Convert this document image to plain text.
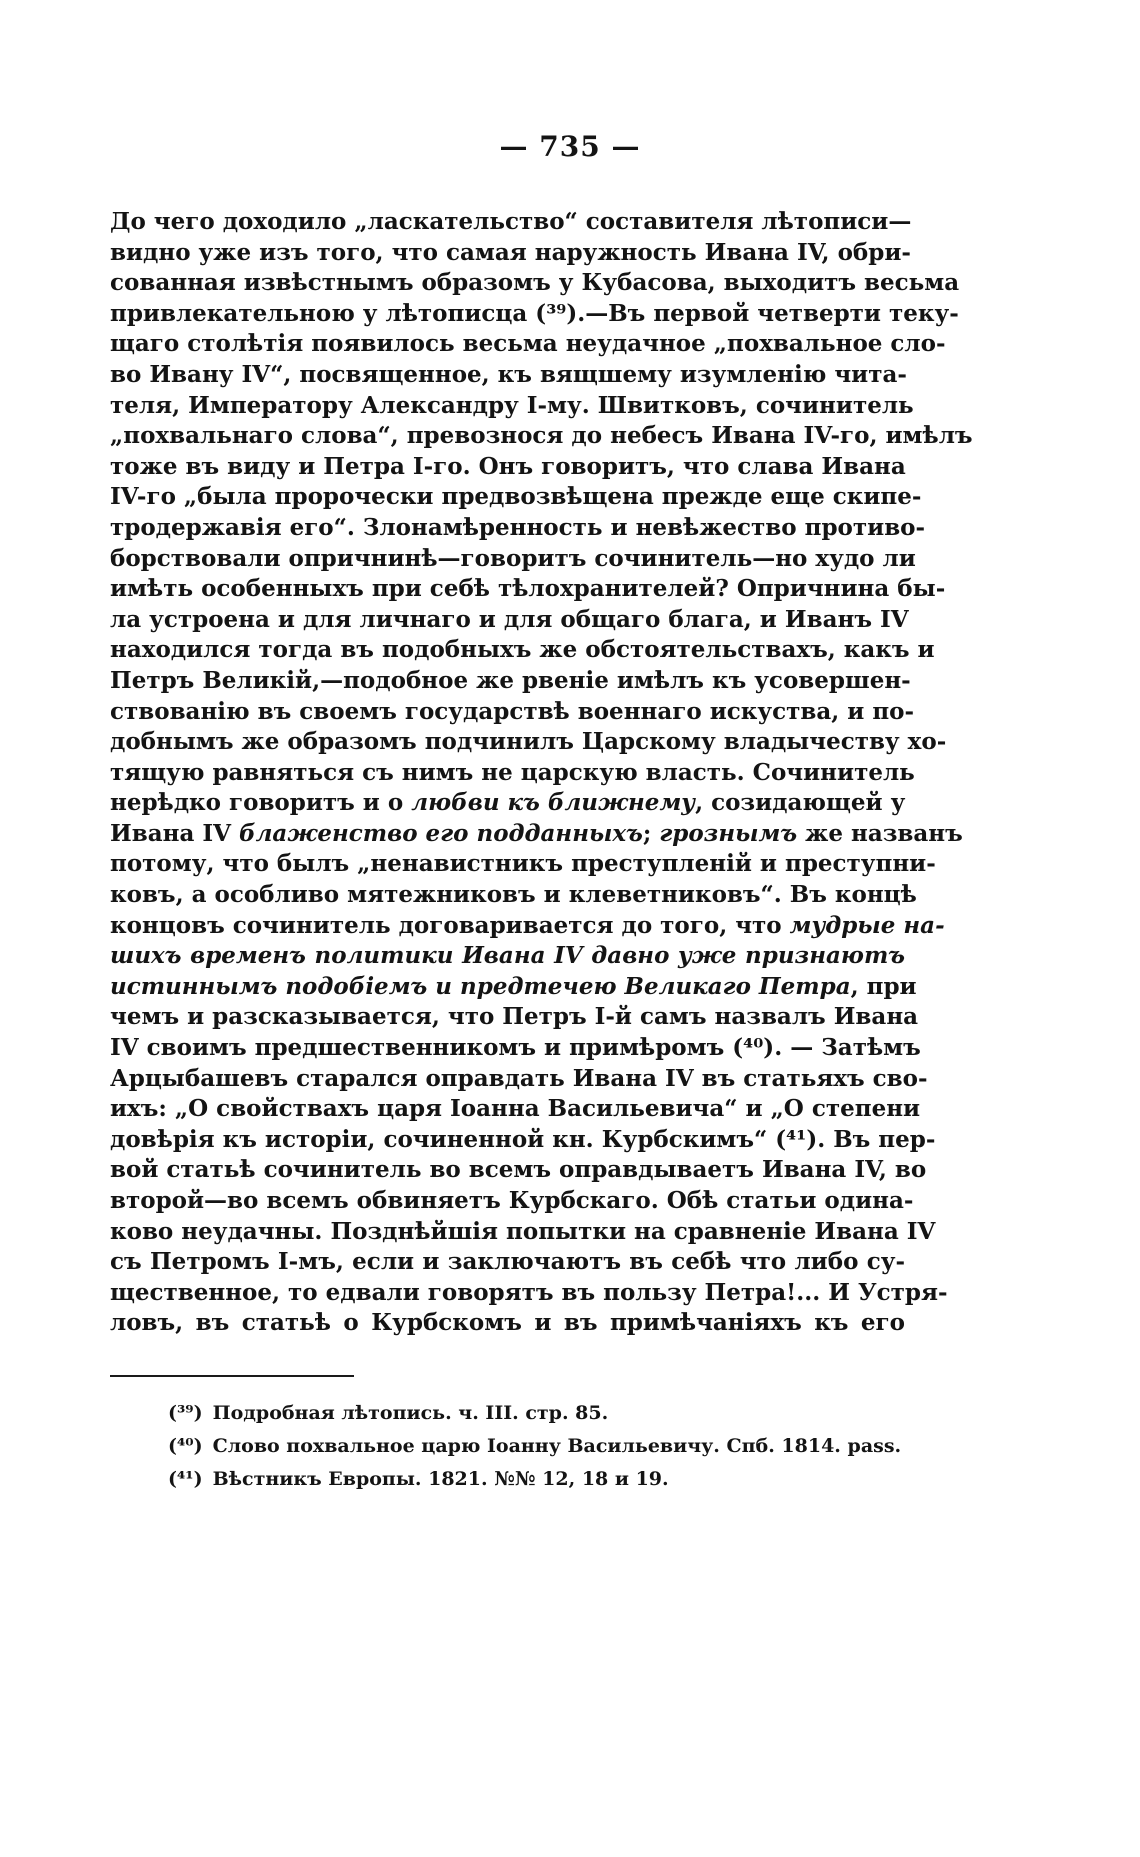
— 735 —
До чего доходило „ласкательство“ составителя лѣтописи—
видно уже изъ того, что самая наружность Ивана IV, обри-
сованная извѣстнымъ образомъ у Кубасова, выходитъ весьма
привлекательною у лѣтописца (³⁹).—Въ первой четверти теку-
щаго столѣтія появилось весьма неудачное „похвальное сло-
во Ивану IV“, посвященное, къ вящшему изумленію чита-
теля, Императору Александру I-му. Швитковъ, сочинитель
„похвальнаго слова“, превознося до небесъ Ивана IV-го, имѣлъ
тоже въ виду и Петра I-го. Онъ говоритъ, что слава Ивана
IV-го „была пророчески предвозвѣщена прежде еще скипе-
тродержавія его“. Злонамѣренность и невѣжество противо-
борствовали опричнинѣ—говоритъ сочинитель—но худо ли
имѣть особенныхъ при себѣ тѣлохранителей? Опричнина бы-
ла устроена и для личнаго и для общаго блага, и Иванъ IV
находился тогда въ подобныхъ же обстоятельствахъ, какъ и
Петръ Великій,—подобное же рвеніе имѣлъ къ усовершен-
ствованію въ своемъ государствѣ военнаго искуства, и по-
добнымъ же образомъ подчинилъ Царскому владычеству хо-
тящую равняться съ нимъ не царскую власть. Сочинитель
нерѣдко говоритъ и о любви къ ближнему, созидающей у
Ивана IV блаженство его подданныхъ; грознымъ же названъ
потому, что былъ „ненавистникъ преступленій и преступни-
ковъ, а особливо мятежниковъ и клеветниковъ“. Въ концѣ
концовъ сочинитель договаривается до того, что мудрые на-
шихъ временъ политики Ивана IV давно уже признаютъ
истиннымъ подобіемъ и предтечею Великаго Петра, при
чемъ и разсказывается, что Петръ I-й самъ назвалъ Ивана
IV своимъ предшественникомъ и примѣромъ (⁴⁰). — Затѣмъ
Арцыбашевъ старался оправдать Ивана IV въ статьяхъ сво-
ихъ: „О свойствахъ царя Іоанна Васильевича“ и „О степени
довѣрія къ исторіи, сочиненной кн. Курбскимъ“ (⁴¹). Въ пер-
вой статьѣ сочинитель во всемъ оправдываетъ Ивана IV, во
второй—во всемъ обвиняетъ Курбскаго. Обѣ статьи одина-
ково неудачны. Позднѣйшія попытки на сравненіе Ивана IV
съ Петромъ I-мъ, если и заключаютъ въ себѣ что либо су-
щественное, то едвали говорятъ въ пользу Петра!... И Устря-
ловъ, въ статьѣ о Курбскомъ и въ примѣчаніяхъ къ его
(³⁹) Подробная лѣтопись. ч. III. стр. 85.
(⁴⁰) Слово похвальное царю Іоанну Васильевичу. Спб. 1814. pass.
(⁴¹) Вѣстникъ Европы. 1821. №№ 12, 18 и 19.
